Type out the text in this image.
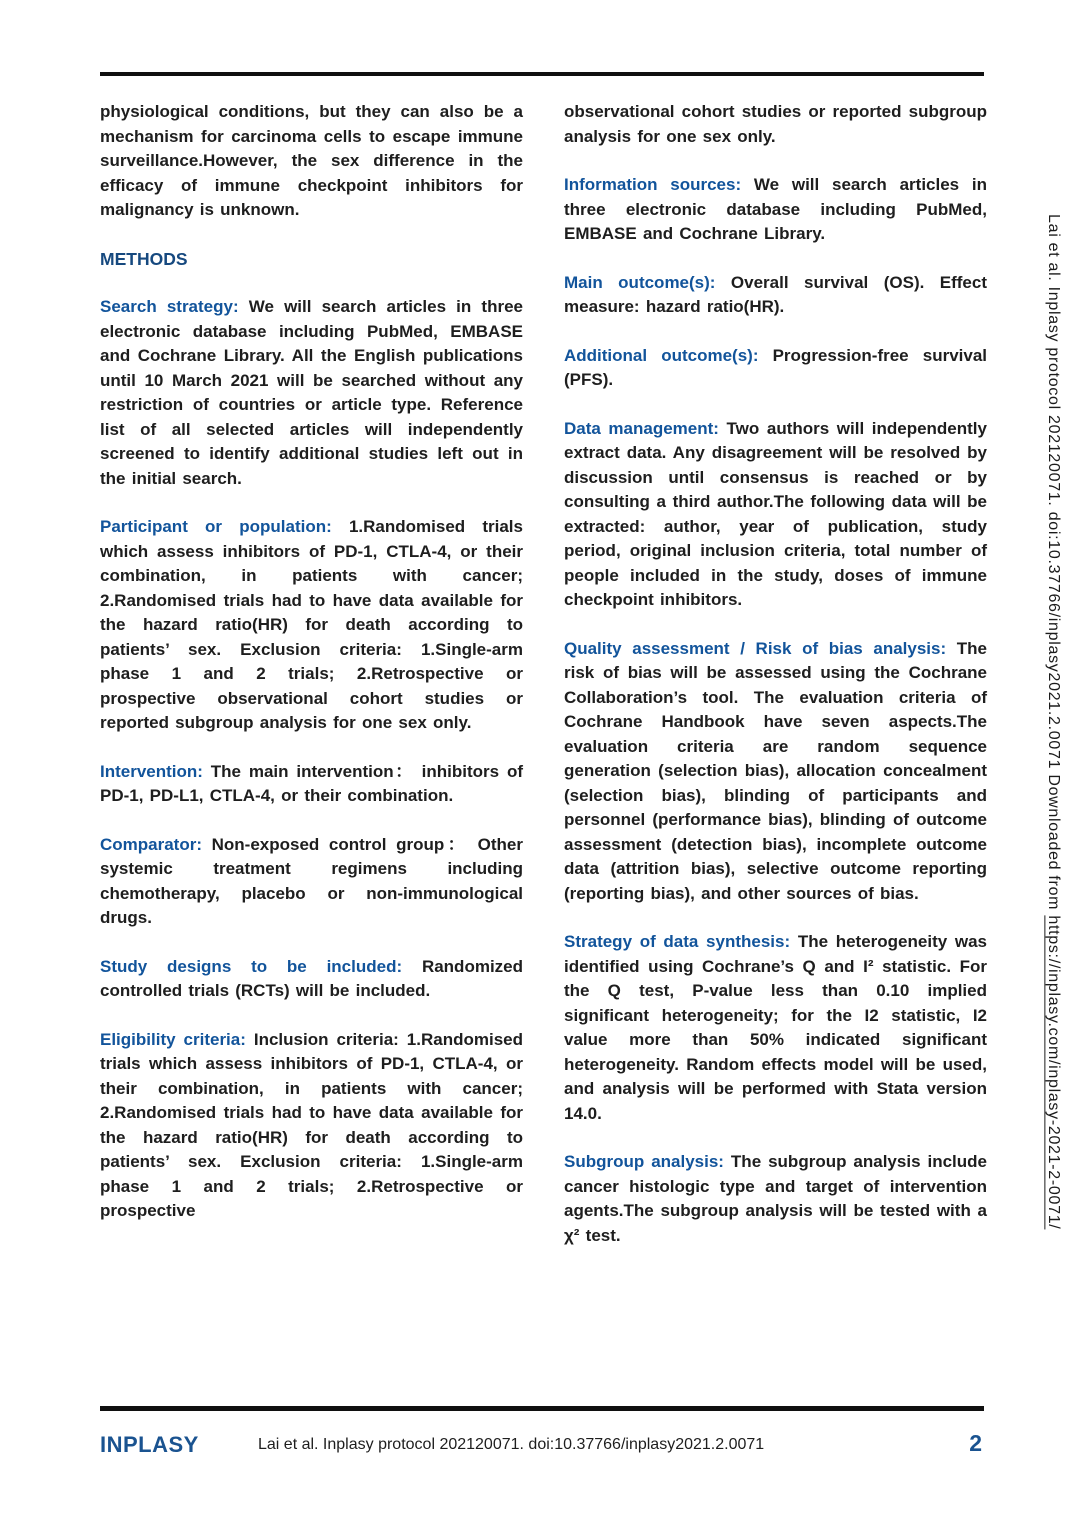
physiological conditions, but they can also be a mechanism for carcinoma cells to escape immune surveillance.However, the sex difference in the efficacy of immune checkpoint inhibitors for malignancy is unknown.

METHODS

Search strategy: We will search articles in three electronic database including PubMed, EMBASE and Cochrane Library. All the English publications until 10 March 2021 will be searched without any restriction of countries or article type. Reference list of all selected articles will independently screened to identify additional studies left out in the initial search.

Participant or population: 1.Randomised trials which assess inhibitors of PD-1, CTLA-4, or their combination, in patients with cancer; 2.Randomised trials had to have data available for the hazard ratio(HR) for death according to patients’ sex. Exclusion criteria: 1.Single-arm phase 1 and 2 trials; 2.Retrospective or prospective observational cohort studies or reported subgroup analysis for one sex only.

Intervention: The main intervention： inhibitors of PD-1, PD-L1, CTLA-4, or their combination.

Comparator: Non-exposed control group： Other systemic treatment regimens including chemotherapy, placebo or non-immunological drugs.

Study designs to be included: Randomized controlled trials (RCTs) will be included.

Eligibility criteria: Inclusion criteria: 1.Randomised trials which assess inhibitors of PD-1, CTLA-4, or their combination, in patients with cancer; 2.Randomised trials had to have data available for the hazard ratio(HR) for death according to patients’ sex. Exclusion criteria: 1.Single-arm phase 1 and 2 trials; 2.Retrospective or prospective

observational cohort studies or reported subgroup analysis for one sex only.

Information sources: We will search articles in three electronic database including PubMed, EMBASE and Cochrane Library.

Main outcome(s): Overall survival (OS). Effect measure: hazard ratio(HR).

Additional outcome(s): Progression-free survival (PFS).

Data management: Two authors will independently extract data. Any disagreement will be resolved by discussion until consensus is reached or by consulting a third author.The following data will be extracted: author, year of publication, study period, original inclusion criteria, total number of people included in the study, doses of immune checkpoint inhibitors.

Quality assessment / Risk of bias analysis: The risk of bias will be assessed using the Cochrane Collaboration’s tool. The evaluation criteria of Cochrane Handbook have seven aspects.The evaluation criteria are random sequence generation (selection bias), allocation concealment (selection bias), blinding of participants and personnel (performance bias), blinding of outcome assessment (detection bias), incomplete outcome data (attrition bias), selective outcome reporting (reporting bias), and other sources of bias.

Strategy of data synthesis: The heterogeneity was identified using Cochrane’s Q and I² statistic. For the Q test, P-value less than 0.10 implied significant heterogeneity; for the I2 statistic, I2 value more than 50% indicated significant heterogeneity. Random effects model will be used, and analysis will be performed with Stata version 14.0.

Subgroup analysis: The subgroup analysis include cancer histologic type and target of intervention agents.The subgroup analysis will be tested with a χ² test.

Lai et al. Inplasy protocol 202120071. doi:10.37766/inplasy2021.2.0071 Downloaded from https://inplasy.com/inplasy-2021-2-0071/
INPLASY	Lai et al. Inplasy protocol 202120071. doi:10.37766/inplasy2021.2.0071	2
